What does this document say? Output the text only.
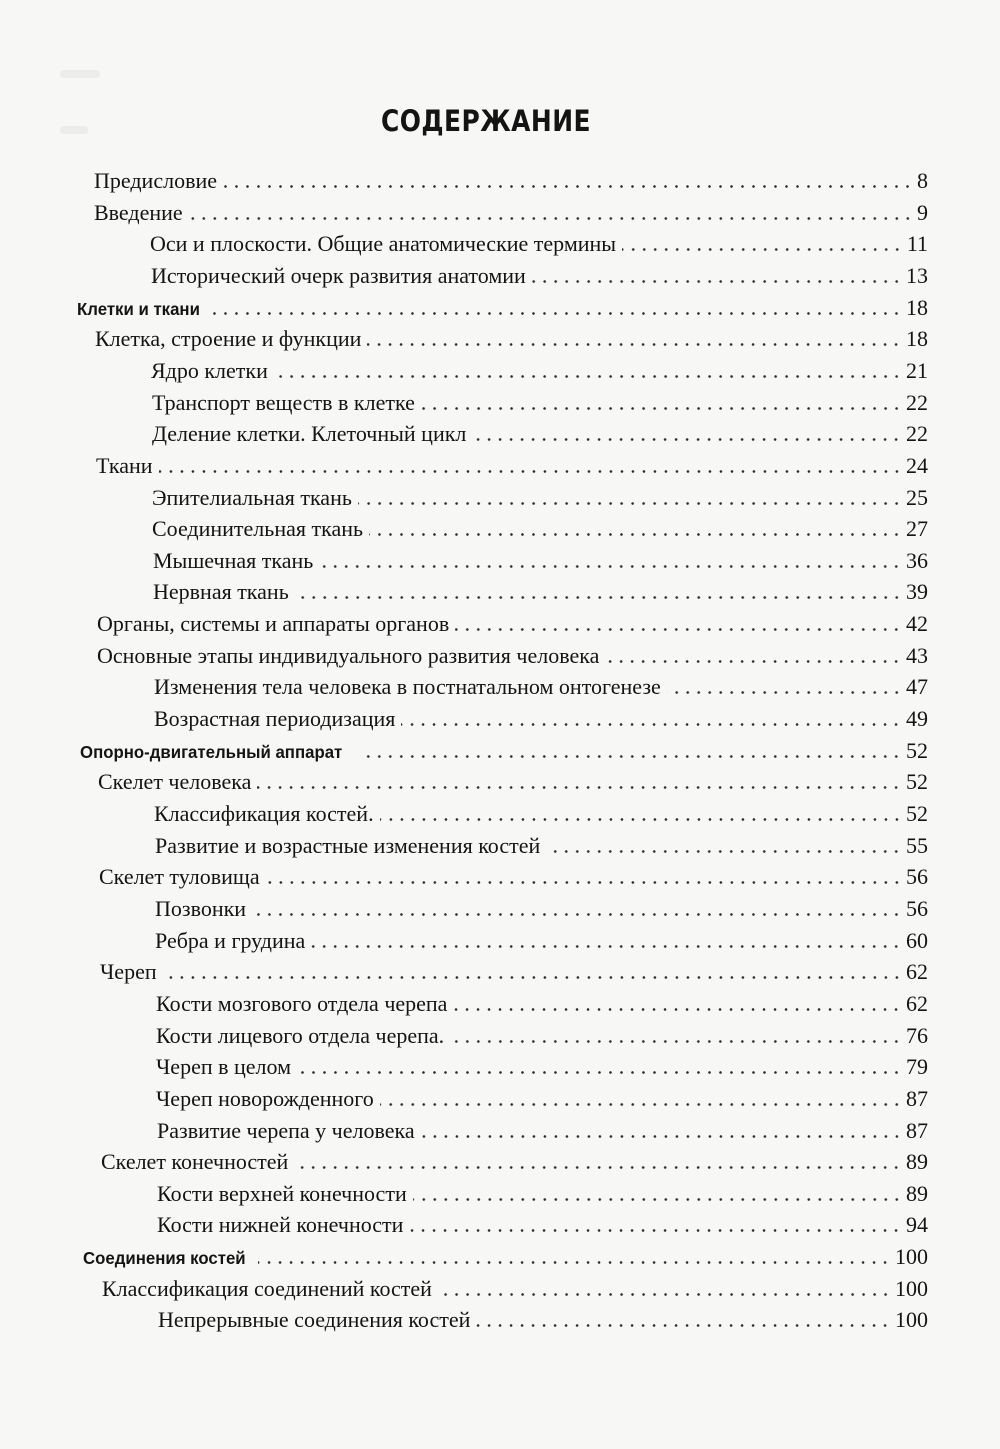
СОДЕРЖАНИЕ
Предисловие	8
Введение	9
Оси и плоскости. Общие анатомические термины	11
Исторический очерк развития анатомии	13
Клетки и ткани	18
Клетка, строение и функции	18
Ядро клетки	21
Транспорт веществ в клетке	22
Деление клетки. Клеточный цикл	22
Ткани	24
Эпителиальная ткань	25
Соединительная ткань	27
Мышечная ткань	36
Нервная ткань	39
Органы, системы и аппараты органов	42
Основные этапы индивидуального развития человека	43
Изменения тела человека в постнатальном онтогенезе	47
Возрастная периодизация	49
Опорно-двигательный аппарат	52
Скелет человека	52
Классификация костей.	52
Развитие и возрастные изменения костей	55
Скелет туловища	56
Позвонки	56
Ребра и грудина	60
Череп	62
Кости мозгового отдела черепа	62
Кости лицевого отдела черепа.	76
Череп в целом	79
Череп новорожденного	87
Развитие черепа у человека	87
Скелет конечностей	89
Кости верхней конечности	89
Кости нижней конечности	94
Соединения костей	100
Классификация соединений костей	100
Непрерывные соединения костей	100
